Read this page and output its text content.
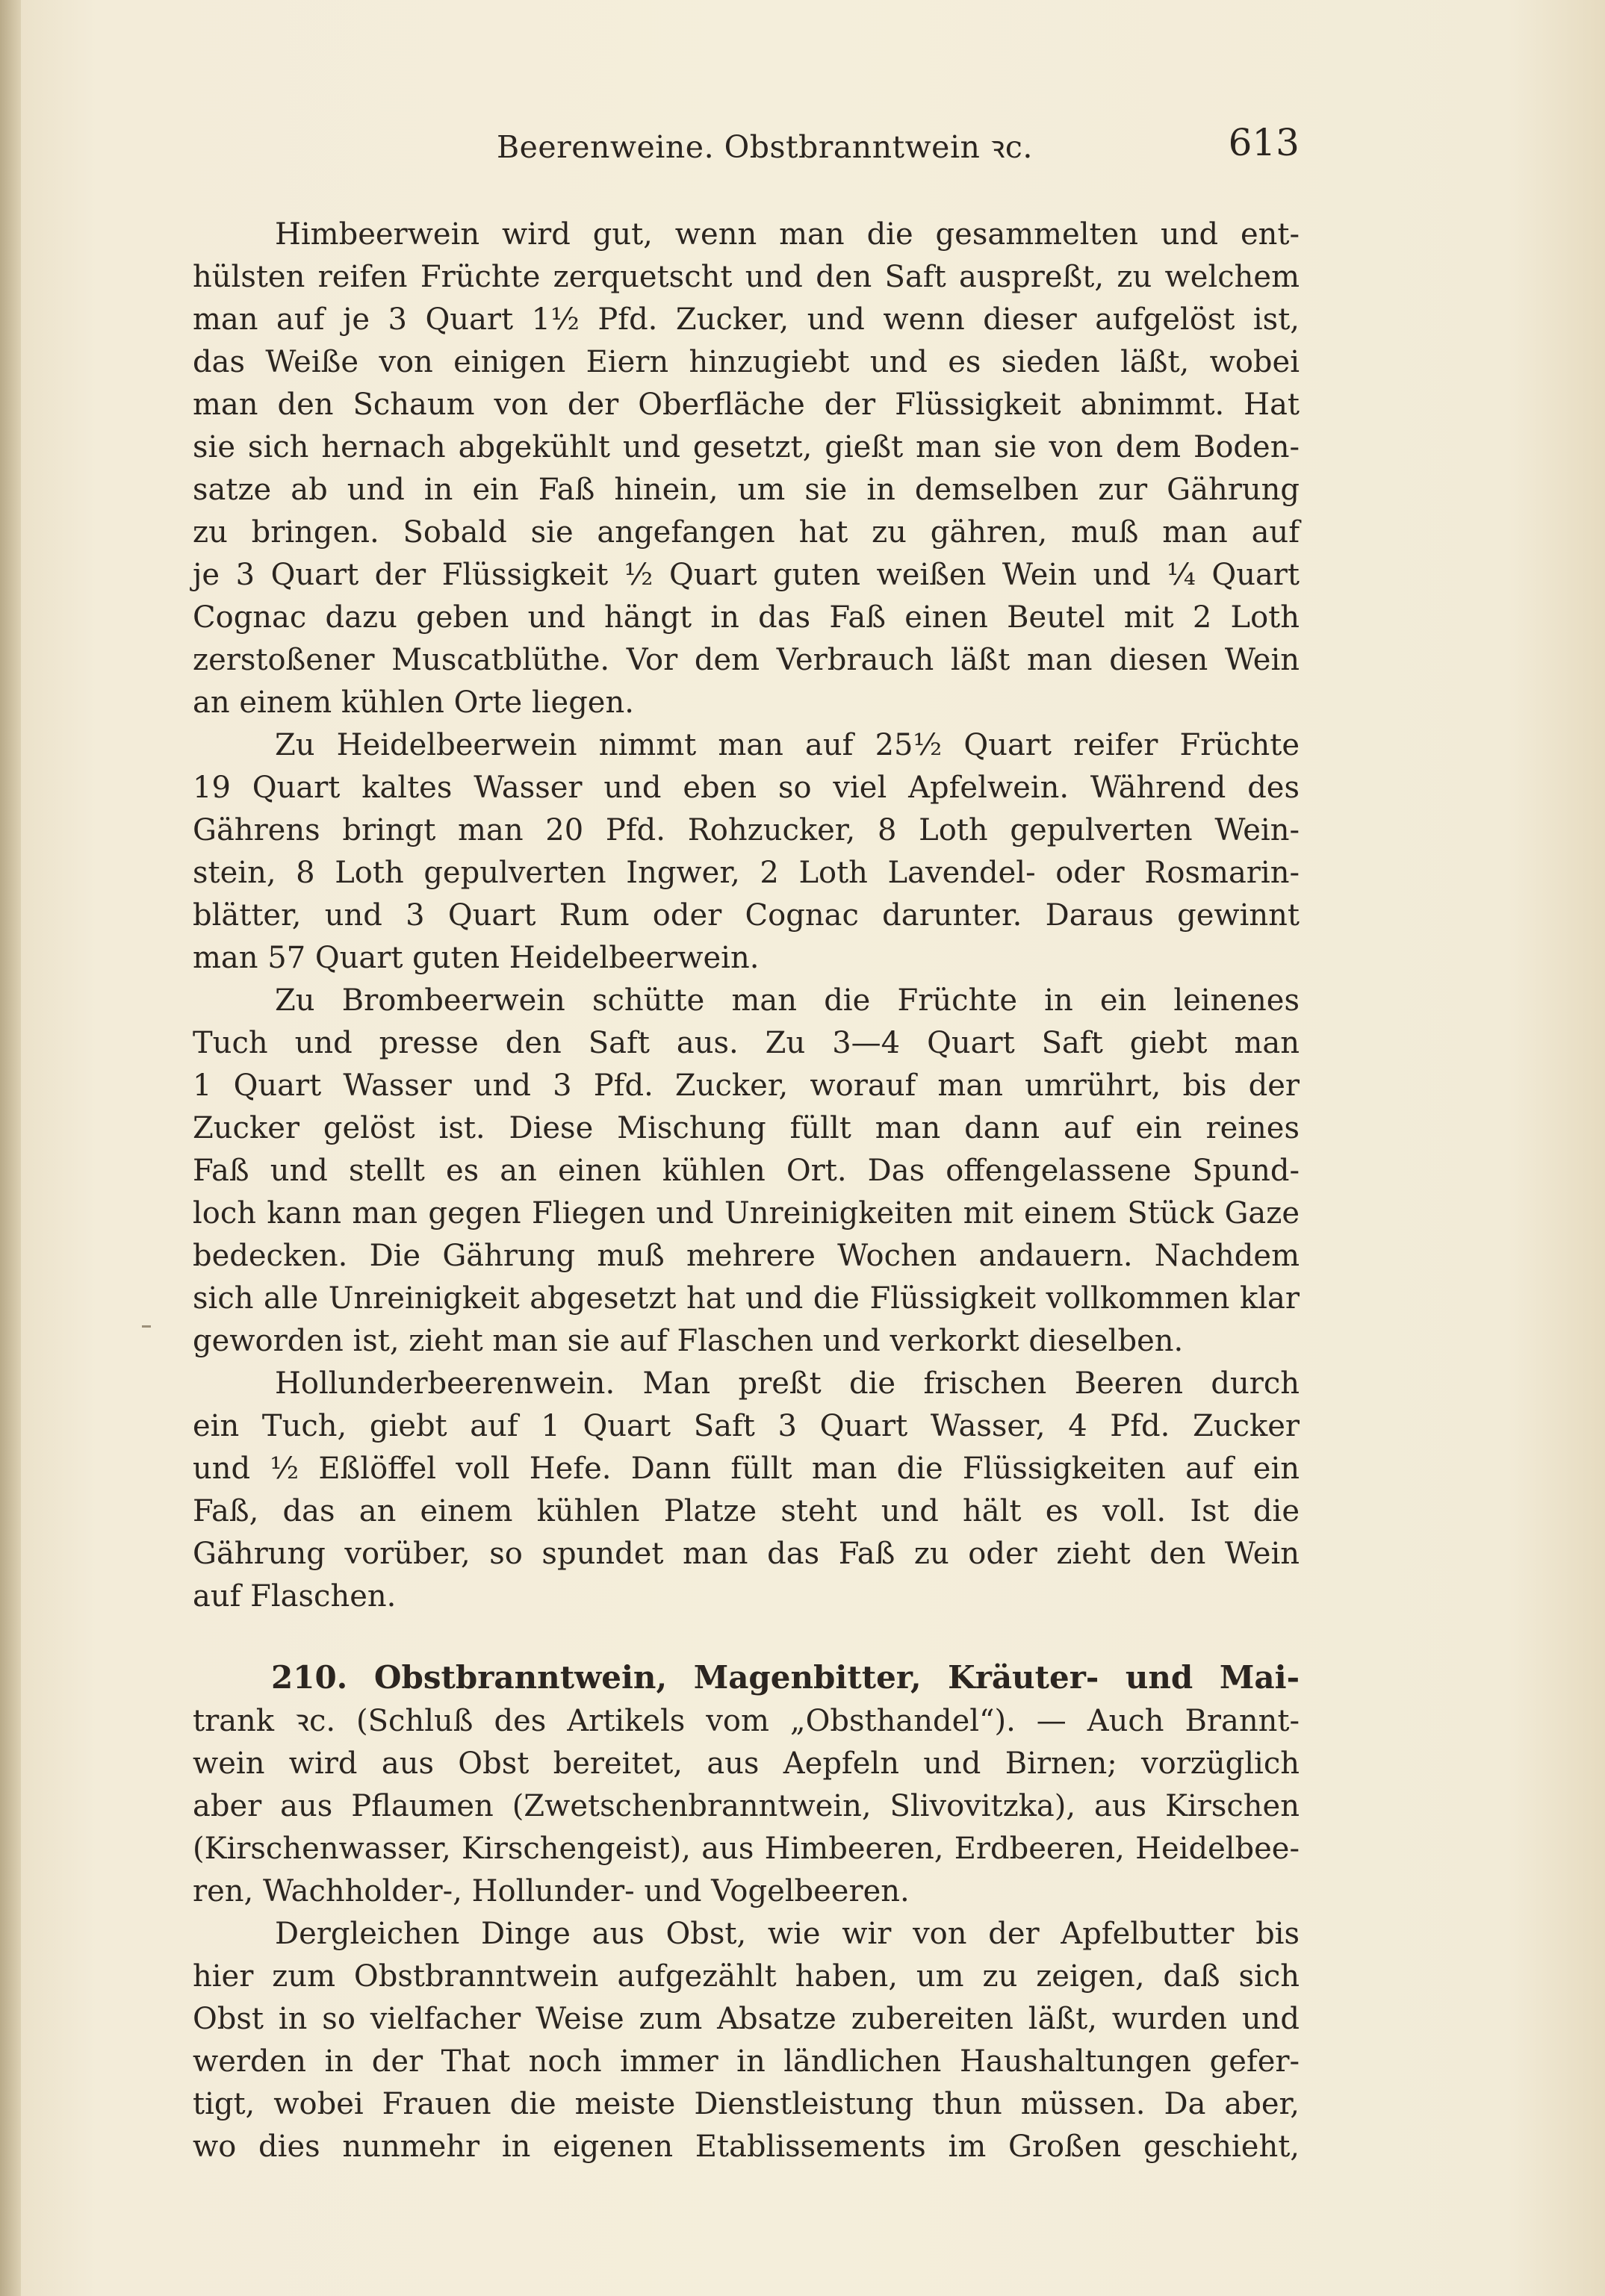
Beerenweine. Obstbranntwein ꝛc.	613
Himbeerwein wird gut, wenn man die gesammelten und ent-
hülsten reifen Früchte zerquetscht und den Saft auspreßt, zu welchem
man auf je 3 Quart 1½ Pfd. Zucker, und wenn dieser aufgelöst ist,
das Weiße von einigen Eiern hinzugiebt und es sieden läßt, wobei
man den Schaum von der Oberfläche der Flüssigkeit abnimmt. Hat
sie sich hernach abgekühlt und gesetzt, gießt man sie von dem Boden-
satze ab und in ein Faß hinein, um sie in demselben zur Gährung
zu bringen. Sobald sie angefangen hat zu gähren, muß man auf
je 3 Quart der Flüssigkeit ½ Quart guten weißen Wein und ¼ Quart
Cognac dazu geben und hängt in das Faß einen Beutel mit 2 Loth
zerstoßener Muscatblüthe. Vor dem Verbrauch läßt man diesen Wein
an einem kühlen Orte liegen.
Zu Heidelbeerwein nimmt man auf 25½ Quart reifer Früchte
19 Quart kaltes Wasser und eben so viel Apfelwein. Während des
Gährens bringt man 20 Pfd. Rohzucker, 8 Loth gepulverten Wein-
stein, 8 Loth gepulverten Ingwer, 2 Loth Lavendel- oder Rosmarin-
blätter, und 3 Quart Rum oder Cognac darunter. Daraus gewinnt
man 57 Quart guten Heidelbeerwein.
Zu Brombeerwein schütte man die Früchte in ein leinenes
Tuch und presse den Saft aus. Zu 3—4 Quart Saft giebt man
1 Quart Wasser und 3 Pfd. Zucker, worauf man umrührt, bis der
Zucker gelöst ist. Diese Mischung füllt man dann auf ein reines
Faß und stellt es an einen kühlen Ort. Das offengelassene Spund-
loch kann man gegen Fliegen und Unreinigkeiten mit einem Stück Gaze
bedecken. Die Gährung muß mehrere Wochen andauern. Nachdem
sich alle Unreinigkeit abgesetzt hat und die Flüssigkeit vollkommen klar
geworden ist, zieht man sie auf Flaschen und verkorkt dieselben.
Hollunderbeerenwein. Man preßt die frischen Beeren durch
ein Tuch, giebt auf 1 Quart Saft 3 Quart Wasser, 4 Pfd. Zucker
und ½ Eßlöffel voll Hefe. Dann füllt man die Flüssigkeiten auf ein
Faß, das an einem kühlen Platze steht und hält es voll. Ist die
Gährung vorüber, so spundet man das Faß zu oder zieht den Wein
auf Flaschen.
210. Obstbranntwein, Magenbitter, Kräuter- und Mai-
trank ꝛc. (Schluß des Artikels vom „Obsthandel“). — Auch Brannt-
wein wird aus Obst bereitet, aus Aepfeln und Birnen; vorzüglich
aber aus Pflaumen (Zwetschenbranntwein, Slivovitzka), aus Kirschen
(Kirschenwasser, Kirschengeist), aus Himbeeren, Erdbeeren, Heidelbee-
ren, Wachholder-, Hollunder- und Vogelbeeren.
Dergleichen Dinge aus Obst, wie wir von der Apfelbutter bis
hier zum Obstbranntwein aufgezählt haben, um zu zeigen, daß sich
Obst in so vielfacher Weise zum Absatze zubereiten läßt, wurden und
werden in der That noch immer in ländlichen Haushaltungen gefer-
tigt, wobei Frauen die meiste Dienstleistung thun müssen. Da aber,
wo dies nunmehr in eigenen Etablissements im Großen geschieht,
